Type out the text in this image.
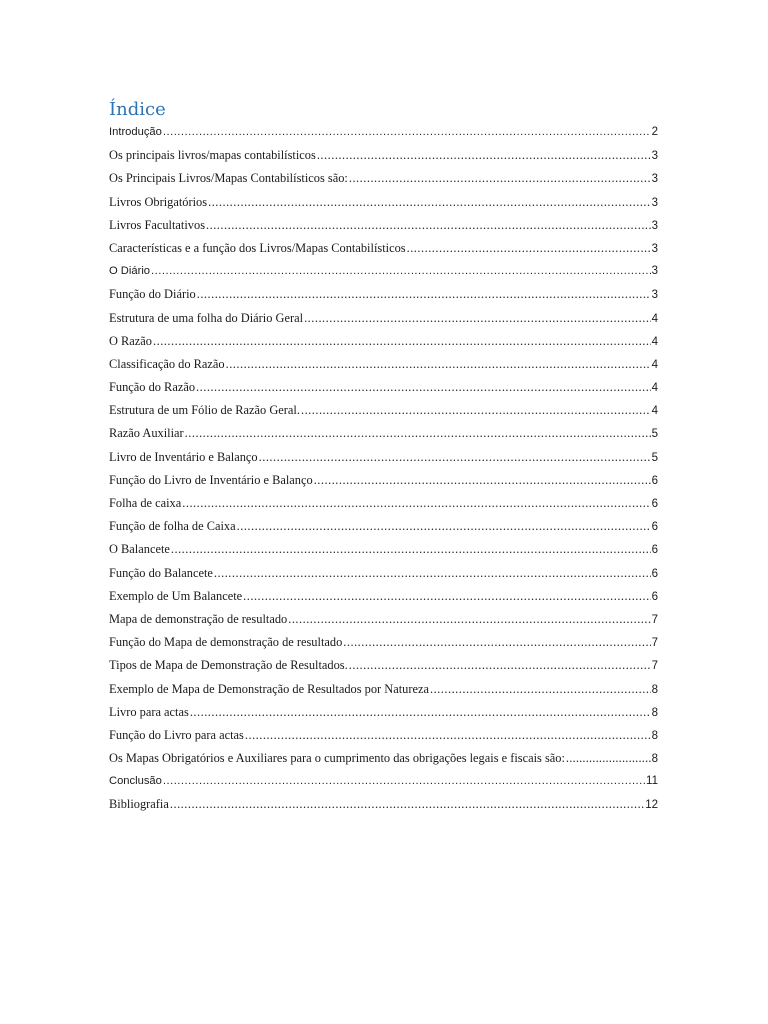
Índice
Introdução .....	2
Os principais livros/mapas contabilísticos .....	3
Os Principais Livros/Mapas Contabilísticos são: .....	3
Livros Obrigatórios .....	3
Livros Facultativos .....	3
Características e a função dos Livros/Mapas Contabilísticos .....	3
O Diário .....	3
Função do Diário .....	3
Estrutura de uma folha do Diário Geral .....	4
O Razão .....	4
Classificação do Razão .....	4
Função do Razão .....	4
Estrutura de um Fólio de Razão Geral. .....	4
Razão Auxiliar .....	5
Livro de Inventário e Balanço .....	5
Função do Livro de Inventário e Balanço .....	6
Folha de caixa .....	6
Função de folha de Caixa .....	6
O Balancete .....	6
Função do Balancete .....	6
Exemplo de Um Balancete .....	6
Mapa de demonstração de resultado .....	7
Função do Mapa de demonstração de resultado .....	7
Tipos de Mapa de Demonstração de Resultados. .....	7
Exemplo de Mapa de Demonstração de Resultados por Natureza .....	8
Livro para actas .....	8
Função do Livro para actas .....	8
Os Mapas Obrigatórios e Auxiliares para o cumprimento das obrigações legais e fiscais são: .....	8
Conclusão .....	11
Bibliografia .....	12
